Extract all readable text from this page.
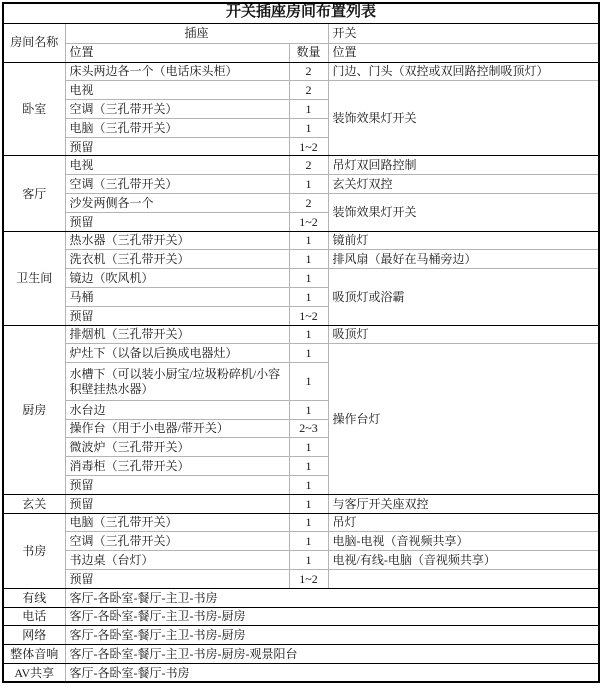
开关插座房间布置列表			
房间名称	插座		开关
	位置	数量	位置
卧室	床头两边各一个（电话床头柜）	2	门边、门头（双控或双回路控制吸顶灯）
	电视	2	装饰效果灯开关
	空调（三孔带开关）	1	
	电脑（三孔带开关）	1	
	预留	1~2	
客厅	电视	2	吊灯双回路控制
	空调（三孔带开关）	1	玄关灯双控
	沙发两侧各一个	2	装饰效果灯开关
	预留	1~2	
卫生间	热水器（三孔带开关）	1	镜前灯
	洗衣机（三孔带开关）	1	排风扇（最好在马桶旁边）
	镜边（吹风机）	1	吸顶灯或浴霸
	马桶	1	
	预留	1~2	
厨房	排烟机（三孔带开关）	1	吸顶灯
	炉灶下（以备以后换成电器灶）	1	操作台灯
	水槽下（可以装小厨宝/垃圾粉碎机/小容积壁挂热水器）	1	
	水台边	1	
	操作台（用于小电器/带开关）	2~3	
	微波炉（三孔带开关）	1	
	消毒柜（三孔带开关）	1	
	预留	1	
玄关	预留	1	与客厅开关座双控
书房	电脑（三孔带开关）	1	吊灯
	空调（三孔带开关）	1	电脑-电视（音视频共享）
	书边桌（台灯）	1	电视/有线-电脑（音视频共享）
	预留	1~2	
有线	客厅-各卧室-餐厅-主卫-书房		
电话	客厅-各卧室-餐厅-主卫-书房-厨房		
网络	客厅-各卧室-餐厅-主卫-书房-厨房		
整体音响	客厅-各卧室-餐厅-主卫-书房-厨房-观景阳台		
AV共享	客厅-各卧室-餐厅-书房		
